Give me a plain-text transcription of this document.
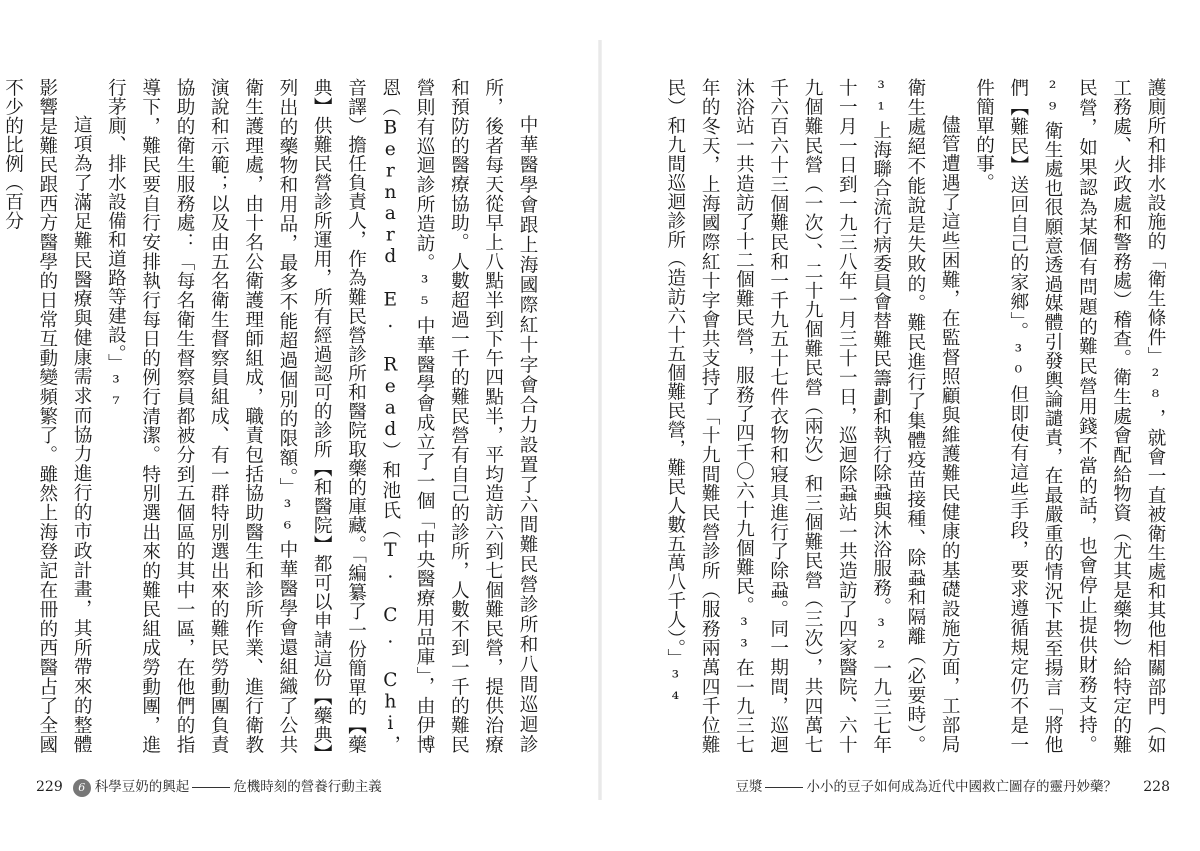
護廁所和排水設施的「衛生條件」²⁸，就會一直被衛生處和其他相關部門（如工務處、火政處和警務處）稽查。衛生處會配給物資（尤其是藥物）給特定的難民營，如果認為某個有問題的難民營用錢不當的話，也會停止提供財務支持。²⁹衛生處也很願意透過媒體引發輿論譴責，在最嚴重的情況下甚至揚言「將他們【難民】送回自己的家鄉」。³⁰但即使有這些手段，要求遵循規定仍不是一件簡單的事。

儘管遭遇了這些困難，在監督照顧與維護難民健康的基礎設施方面，工部局衛生處絕不能說是失敗的。難民進行了集體疫苗接種、除蝨和隔離（必要時）。³¹上海聯合流行病委員會替難民籌劃和執行除蝨與沐浴服務。³²一九三七年十一月一日到一九三八年一月三十一日，巡迴除蝨站一共造訪了四家醫院、六十九個難民營（一次）、二十九個難民營（兩次）和三個難民營（三次），共四萬七千六百六十三個難民和一千九五十七件衣物和寢具進行了除蝨。同一期間，巡迴沐浴站一共造訪了十二個難民營，服務了四千〇六十九個難民。³³在一九三七年的冬天，上海國際紅十字會共支持了「十九間難民營診所（服務兩萬四千位難民）和九間巡迴診所（造訪六十五個難民營，難民人數五萬八千人）。」³⁴

豆漿	小小的豆子如何成為近代中國救亡圖存的靈丹妙藥？ 228

中華醫學會跟上海國際紅十字會合力設置了六間難民營診所和八間巡迴診所，後者每天從早上八點半到下午四點半，平均造訪六到七個難民營，提供治療和預防的醫療協助。人數超過一千的難民營有自己的診所，人數不到一千的難民營則有巡迴診所造訪。³⁵中華醫學會成立了一個「中央醫療用品庫」，由伊博恩（Bernard E. Read）和池氏（T. C. Chi，音譯）擔任負責人，作為難民營診所和醫院取藥的庫藏。「編纂了一份簡單的【藥典】供難民營診所運用，所有經過認可的診所【和醫院】都可以申請這份【藥典】列出的藥物和用品，最多不能超過個別的限額。」³⁶中華醫學會還組織了公共衛生護理處，由十名公衛護理師組成，職責包括協助醫生和診所作業、進行衛教演說和示範；以及由五名衛生督察員組成、有一群特別選出來的難民勞動團負責協助的衛生服務處：「每名衛生督察員都被分到五個區的其中一區，在他們的指導下，難民要自行安排執行每日的例行清潔。特別選出來的難民組成勞動團，進行茅廁、排水設備和道路等建設。」³⁷

這項為了滿足難民醫療與健康需求而協力進行的市政計畫，其所帶來的整體影響是難民跟西方醫學的日常互動變頻繁了。雖然上海登記在冊的西醫占了全國不少的比例（百分

229 6 科學豆奶的興起	危機時刻的營養行動主義
